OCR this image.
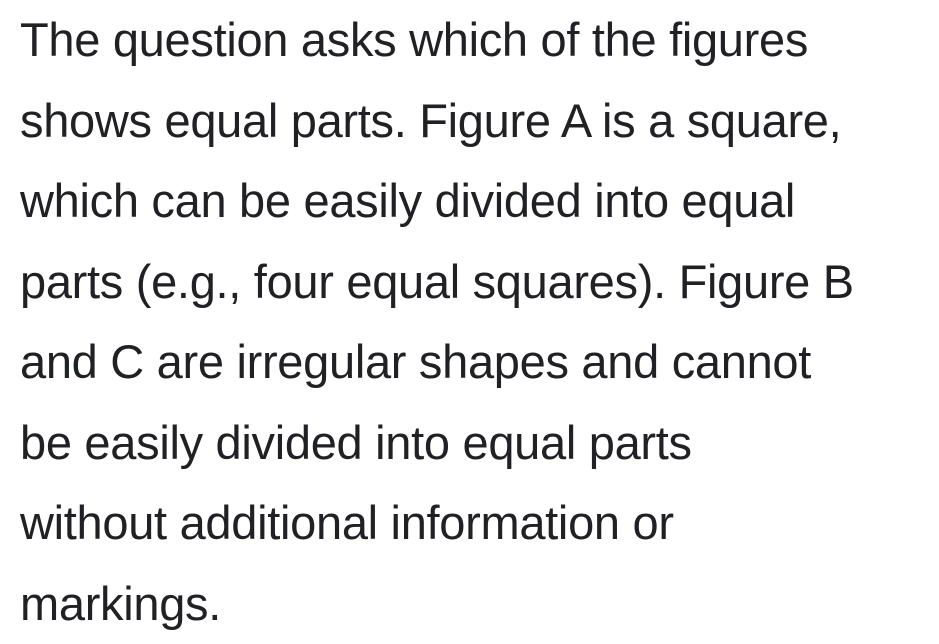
The question asks which of the figures
shows equal parts. Figure A is a square,
which can be easily divided into equal
parts (e.g., four equal squares). Figure B
and C are irregular shapes and cannot
be easily divided into equal parts
without additional information or
markings.
